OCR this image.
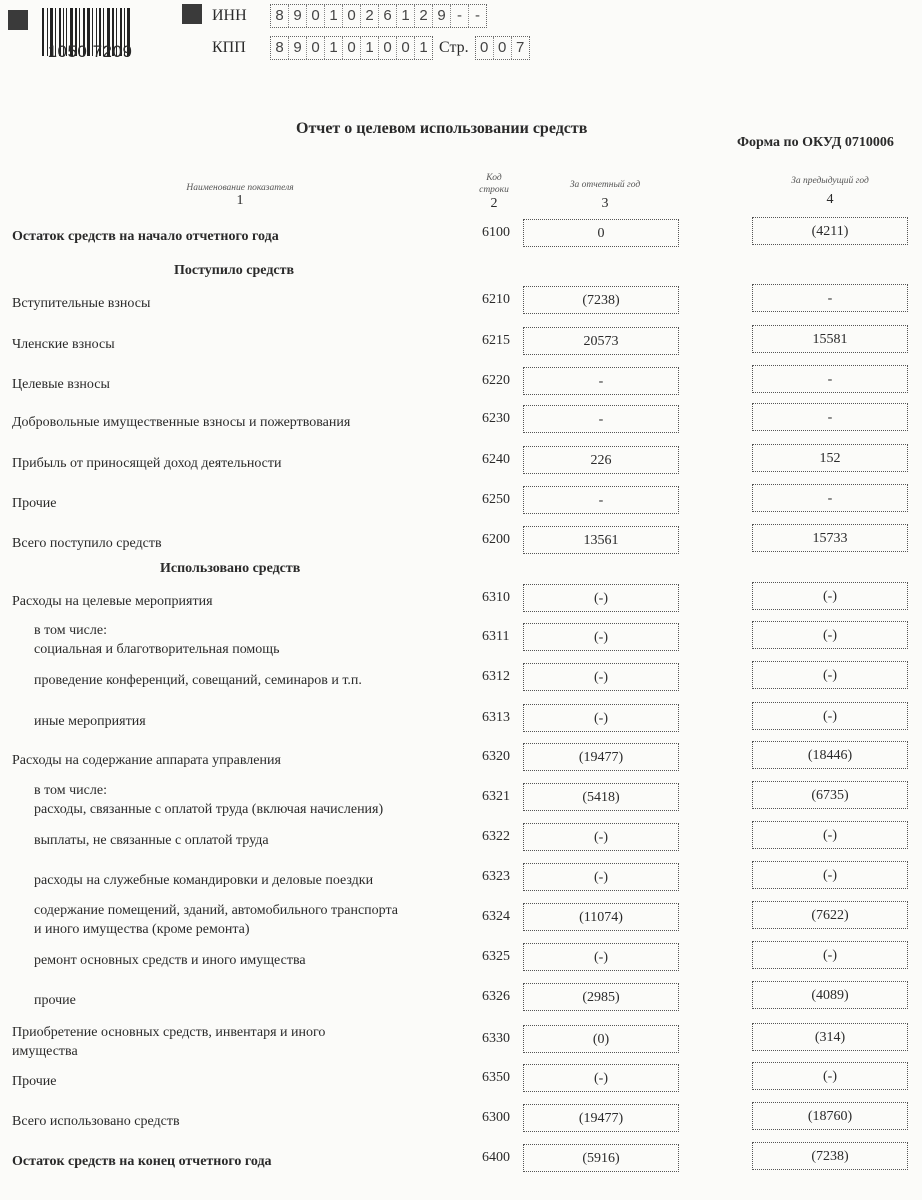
1050 7209
ИНН	8 9 0 1 0 2 6 1 2 9 - -
КПП	8 9 0 1 0 1 0 0 1 Стр. 0 0 7
Отчет о целевом использовании средств
Форма по ОКУД 0710006
Наименование показателя
1
Код строки
2
За отчетный год
3
За предыдущий год
4
Поступило средств
Использовано средств
Остаток средств на начало отчетного года	6100	0	(4211)
Вступительные взносы	6210	(7238)	-
Членские взносы	6215	20573	15581
Целевые взносы	6220	-	-
Добровольные имущественные взносы и пожертвования	6230	-	-
Прибыль от приносящей доход деятельности	6240	226	152
Прочие	6250	-	-
Всего поступило средств	6200	13561	15733
Расходы на целевые мероприятия	6310	(-)	(-)
в том числе:
социальная и благотворительная помощь
6311	(-)	(-)
проведение конференций, совещаний, семинаров и т.п.	6312	(-)	(-)
иные мероприятия	6313	(-)	(-)
Расходы на содержание аппарата управления	6320	(19477)	(18446)
в том числе:
расходы, связанные с оплатой труда (включая начисления)
6321	(5418)	(6735)
выплаты, не связанные с оплатой труда	6322	(-)	(-)
расходы на служебные командировки и деловые поездки	6323	(-)	(-)
содержание помещений, зданий, автомобильного транспорта
и иного имущества (кроме ремонта)
6324	(11074)	(7622)
ремонт основных средств и иного имущества	6325	(-)	(-)
прочие	6326	(2985)	(4089)
Приобретение основных средств, инвентаря и иного
имущества
6330	(0)	(314)
Прочие	6350	(-)	(-)
Всего использовано средств	6300	(19477)	(18760)
Остаток средств на конец отчетного года	6400	(5916)	(7238)
